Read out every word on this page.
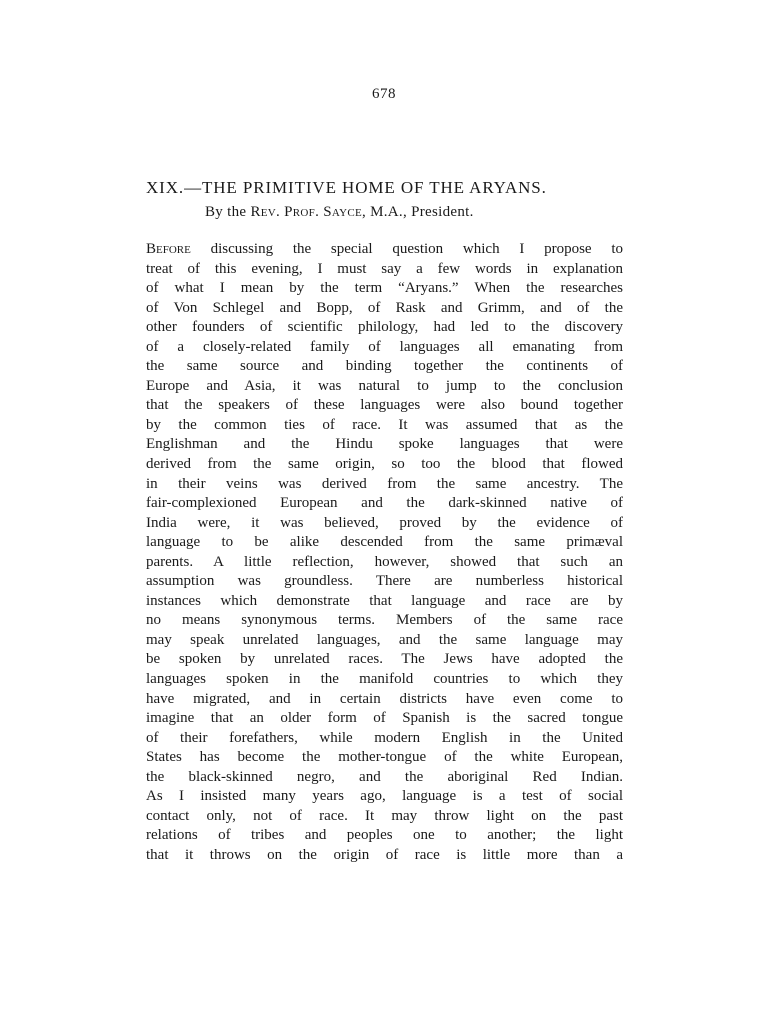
678
XIX.—THE PRIMITIVE HOME OF THE ARYANS.
By the Rev. Prof. Sayce, M.A., President.
Before discussing the special question which I propose to
treat of this evening, I must say a few words in explanation
of what I mean by the term “Aryans.” When the researches
of Von Schlegel and Bopp, of Rask and Grimm, and of the
other founders of scientific philology, had led to the discovery
of a closely-related family of languages all emanating from
the same source and binding together the continents of
Europe and Asia, it was natural to jump to the conclusion
that the speakers of these languages were also bound together
by the common ties of race. It was assumed that as the
Englishman and the Hindu spoke languages that were
derived from the same origin, so too the blood that flowed
in their veins was derived from the same ancestry. The
fair-complexioned European and the dark-skinned native of
India were, it was believed, proved by the evidence of
language to be alike descended from the same primæval
parents. A little reflection, however, showed that such an
assumption was groundless. There are numberless historical
instances which demonstrate that language and race are by
no means synonymous terms. Members of the same race
may speak unrelated languages, and the same language may
be spoken by unrelated races. The Jews have adopted the
languages spoken in the manifold countries to which they
have migrated, and in certain districts have even come to
imagine that an older form of Spanish is the sacred tongue
of their forefathers, while modern English in the United
States has become the mother-tongue of the white European,
the black-skinned negro, and the aboriginal Red Indian.
As I insisted many years ago, language is a test of social
contact only, not of race. It may throw light on the past
relations of tribes and peoples one to another; the light
that it throws on the origin of race is little more than a
